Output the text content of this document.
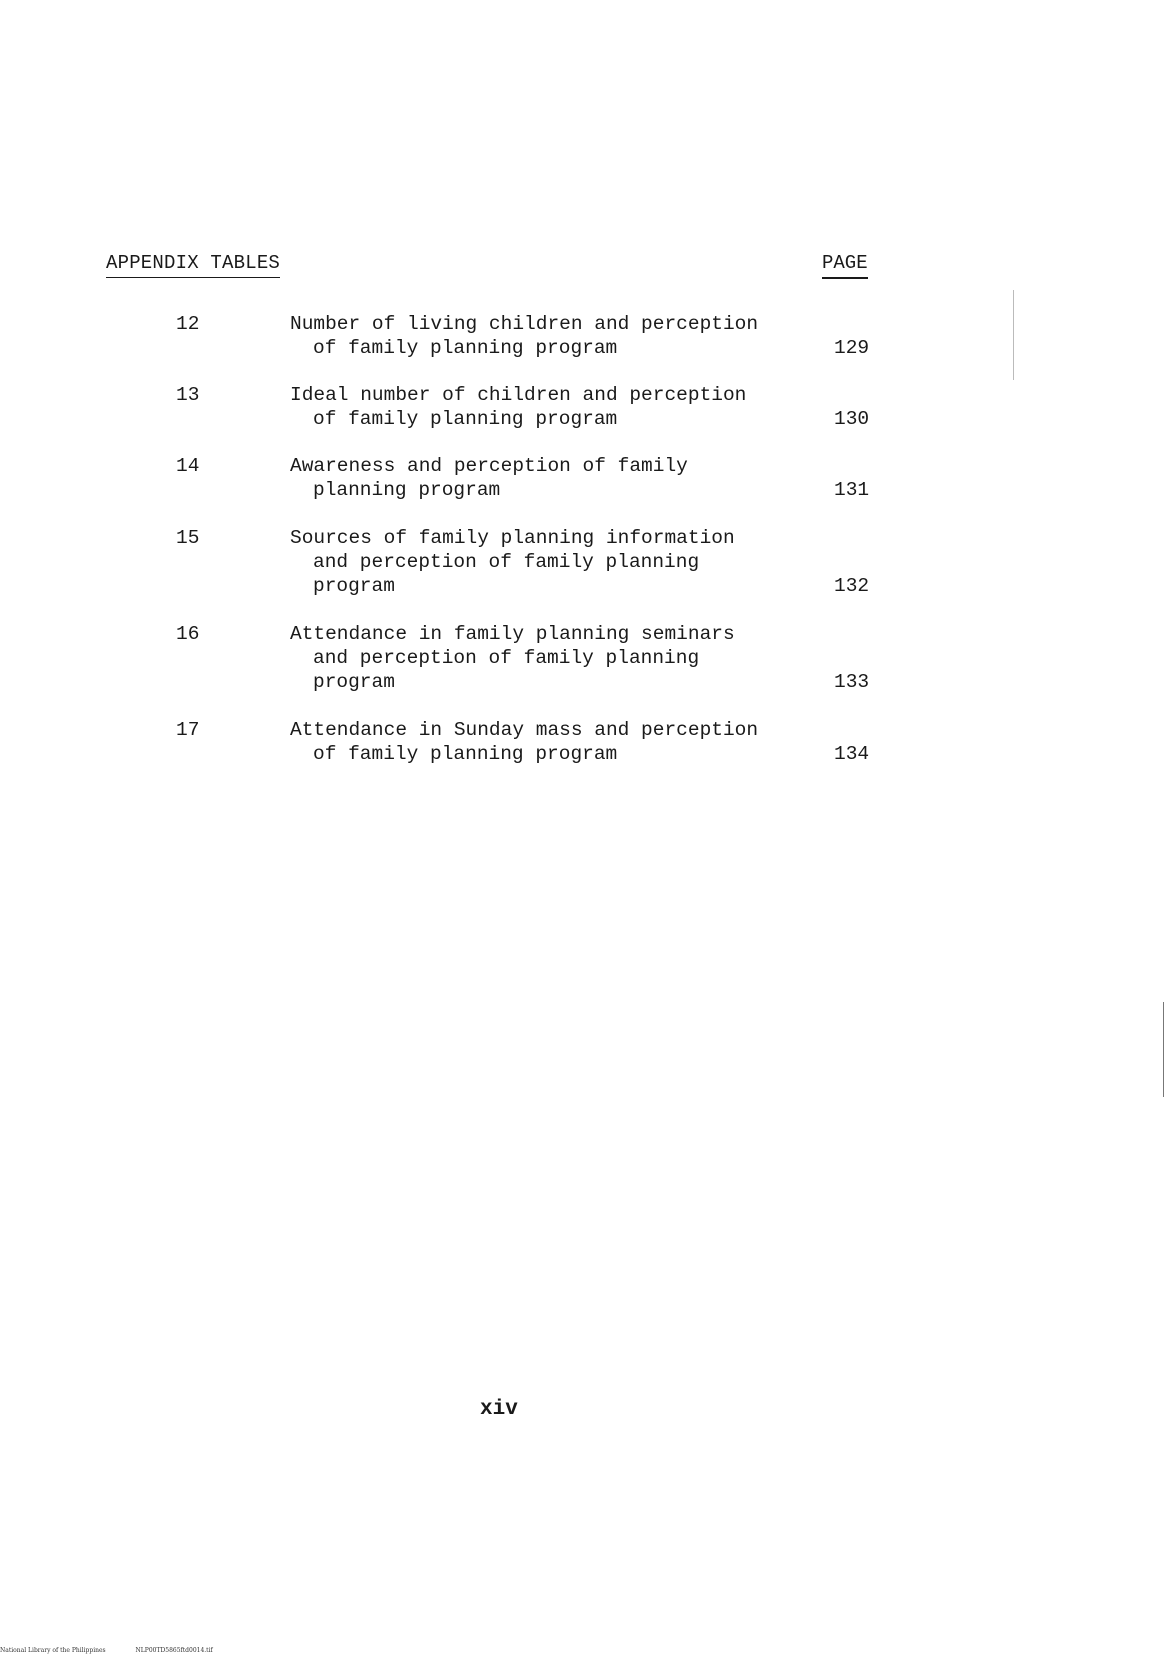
APPENDIX TABLES	PAGE
12	Number of living children and perception
of family planning program	129
13	Ideal number of children and perception
of family planning program	130
14	Awareness and perception of family
planning program	131
15	Sources of family planning information
and perception of family planning
program	132
16	Attendance in family planning seminars
and perception of family planning
program	133
17	Attendance in Sunday mass and perception
of family planning program	134
xiv
National Library of the Philippines	NLP00TD5865ftd0014.tif
